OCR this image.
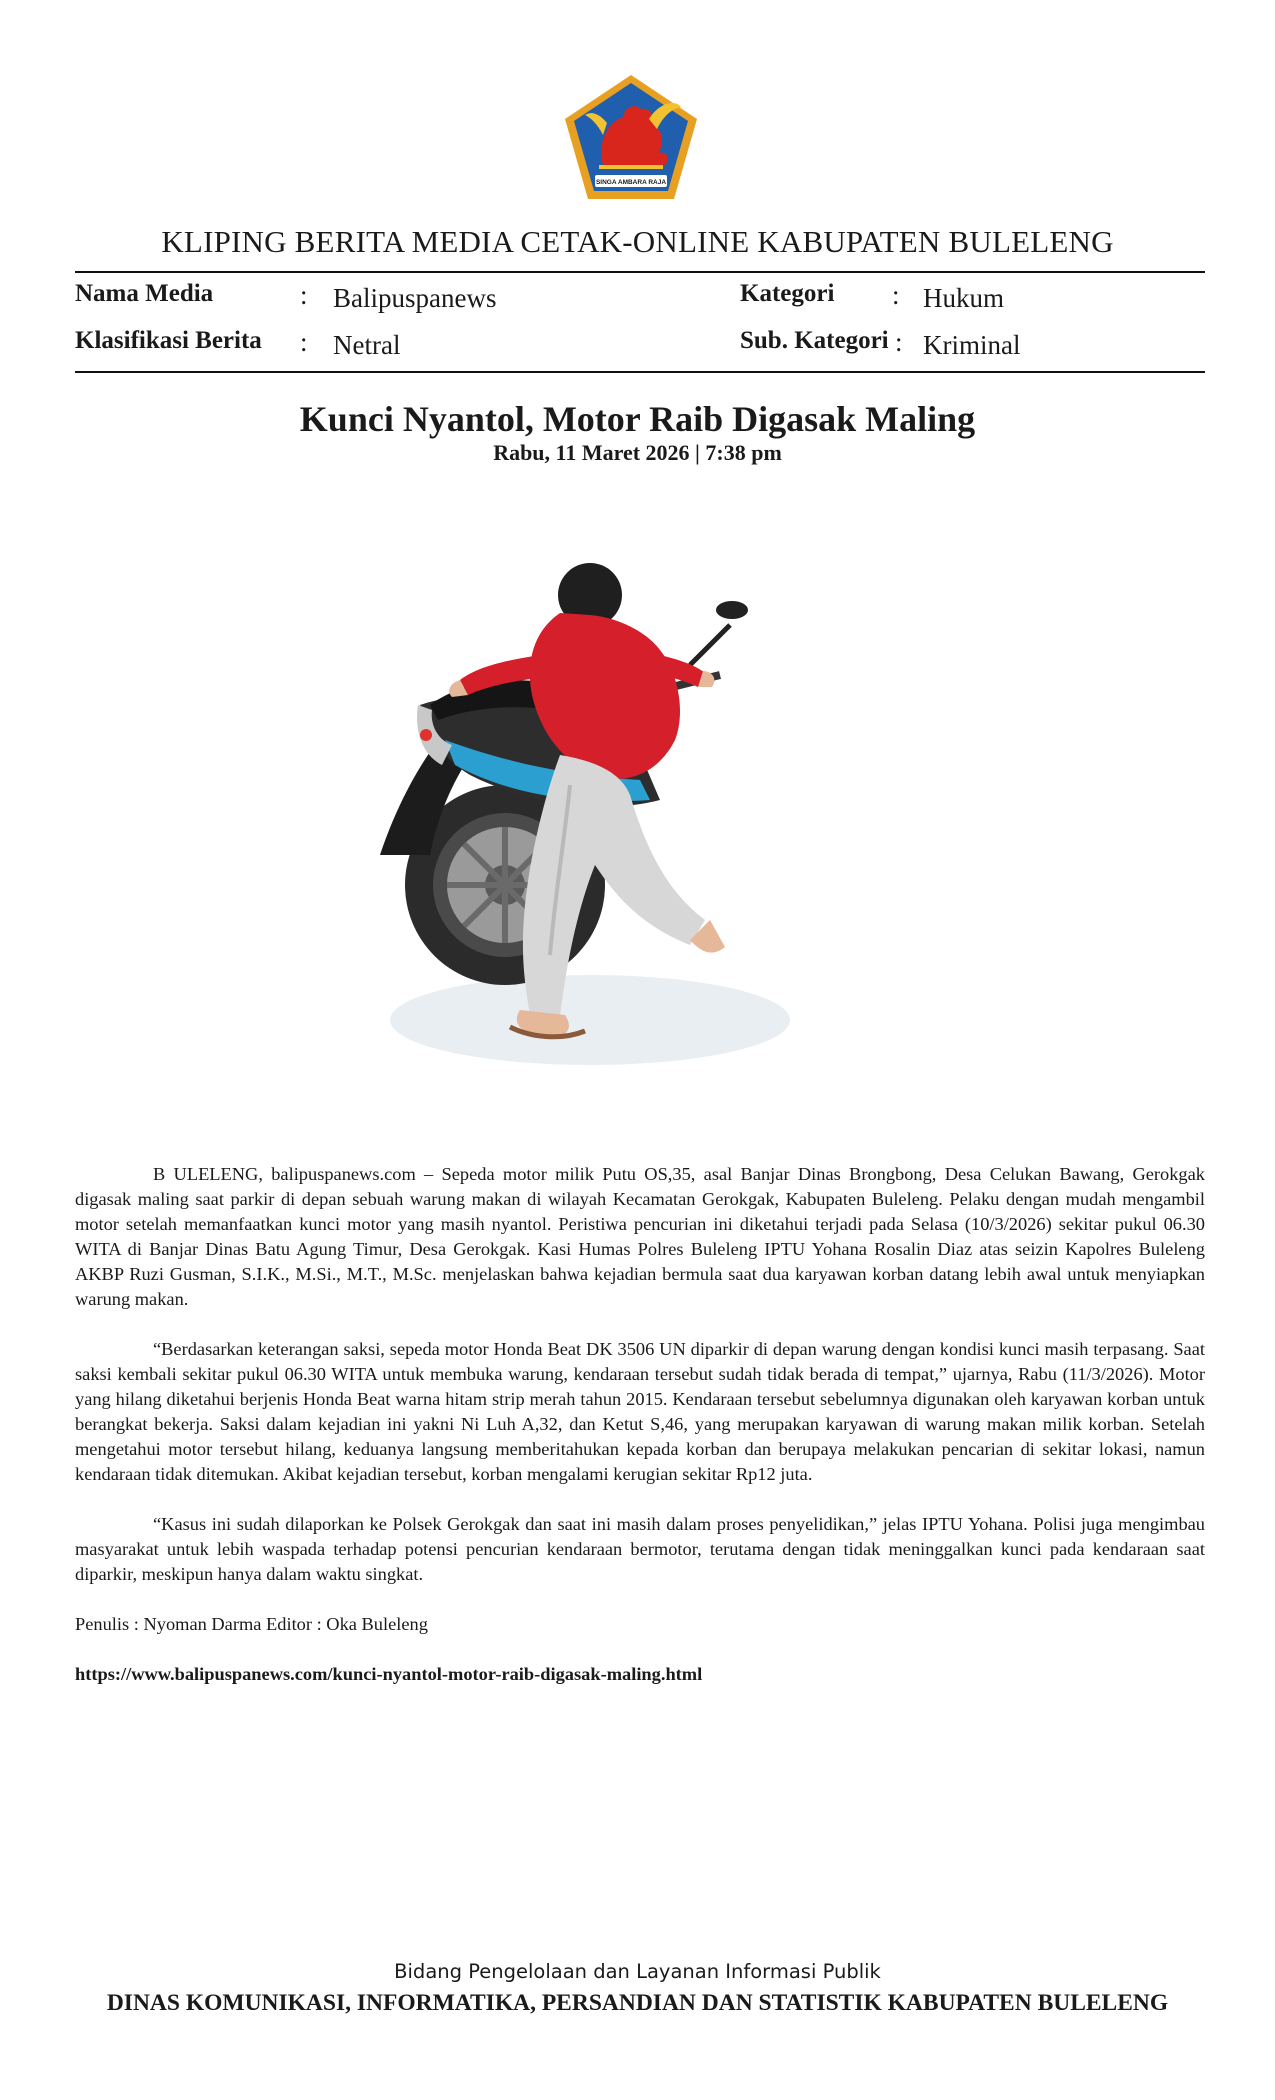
SINGA AMBARA RAJA
KLIPING BERITA MEDIA CETAK-ONLINE KABUPATEN BULELENG
Nama Media	: Balipuspanews
Klasifikasi Berita : Netral
Kategori : Hukum
Sub. Kategori : Kriminal
Kunci Nyantol, Motor Raib Digasak Maling
Rabu, 11 Maret 2026 | 7:38 pm

B ULELENG, balipuspanews.com – Sepeda motor milik Putu OS,35, asal Banjar Dinas Brongbong, Desa Celukan Bawang, Gerokgak digasak maling saat parkir di depan sebuah warung makan di wilayah Kecamatan Gerokgak, Kabupaten Buleleng. Pelaku dengan mudah mengambil motor setelah memanfaatkan kunci motor yang masih nyantol. Peristiwa pencurian ini diketahui terjadi pada Selasa (10/3/2026) sekitar pukul 06.30 WITA di Banjar Dinas Batu Agung Timur, Desa Gerokgak. Kasi Humas Polres Buleleng IPTU Yohana Rosalin Diaz atas seizin Kapolres Buleleng AKBP Ruzi Gusman, S.I.K., M.Si., M.T., M.Sc. menjelaskan bahwa kejadian bermula saat dua karyawan korban datang lebih awal untuk menyiapkan warung makan.

“Berdasarkan keterangan saksi, sepeda motor Honda Beat DK 3506 UN diparkir di depan warung dengan kondisi kunci masih terpasang. Saat saksi kembali sekitar pukul 06.30 WITA untuk membuka warung, kendaraan tersebut sudah tidak berada di tempat,” ujarnya, Rabu (11/3/2026). Motor yang hilang diketahui berjenis Honda Beat warna hitam strip merah tahun 2015. Kendaraan tersebut sebelumnya digunakan oleh karyawan korban untuk berangkat bekerja. Saksi dalam kejadian ini yakni Ni Luh A,32, dan Ketut S,46, yang merupakan karyawan di warung makan milik korban. Setelah mengetahui motor tersebut hilang, keduanya langsung memberitahukan kepada korban dan berupaya melakukan pencarian di sekitar lokasi, namun kendaraan tidak ditemukan. Akibat kejadian tersebut, korban mengalami kerugian sekitar Rp12 juta.

“Kasus ini sudah dilaporkan ke Polsek Gerokgak dan saat ini masih dalam proses penyelidikan,” jelas IPTU Yohana. Polisi juga mengimbau masyarakat untuk lebih waspada terhadap potensi pencurian kendaraan bermotor, terutama dengan tidak meninggalkan kunci pada kendaraan saat diparkir, meskipun hanya dalam waktu singkat.

Penulis : Nyoman Darma Editor : Oka Buleleng

https://www.balipuspanews.com/kunci-nyantol-motor-raib-digasak-maling.html

Bidang Pengelolaan dan Layanan Informasi Publik
DINAS KOMUNIKASI, INFORMATIKA, PERSANDIAN DAN STATISTIK KABUPATEN BULELENG
